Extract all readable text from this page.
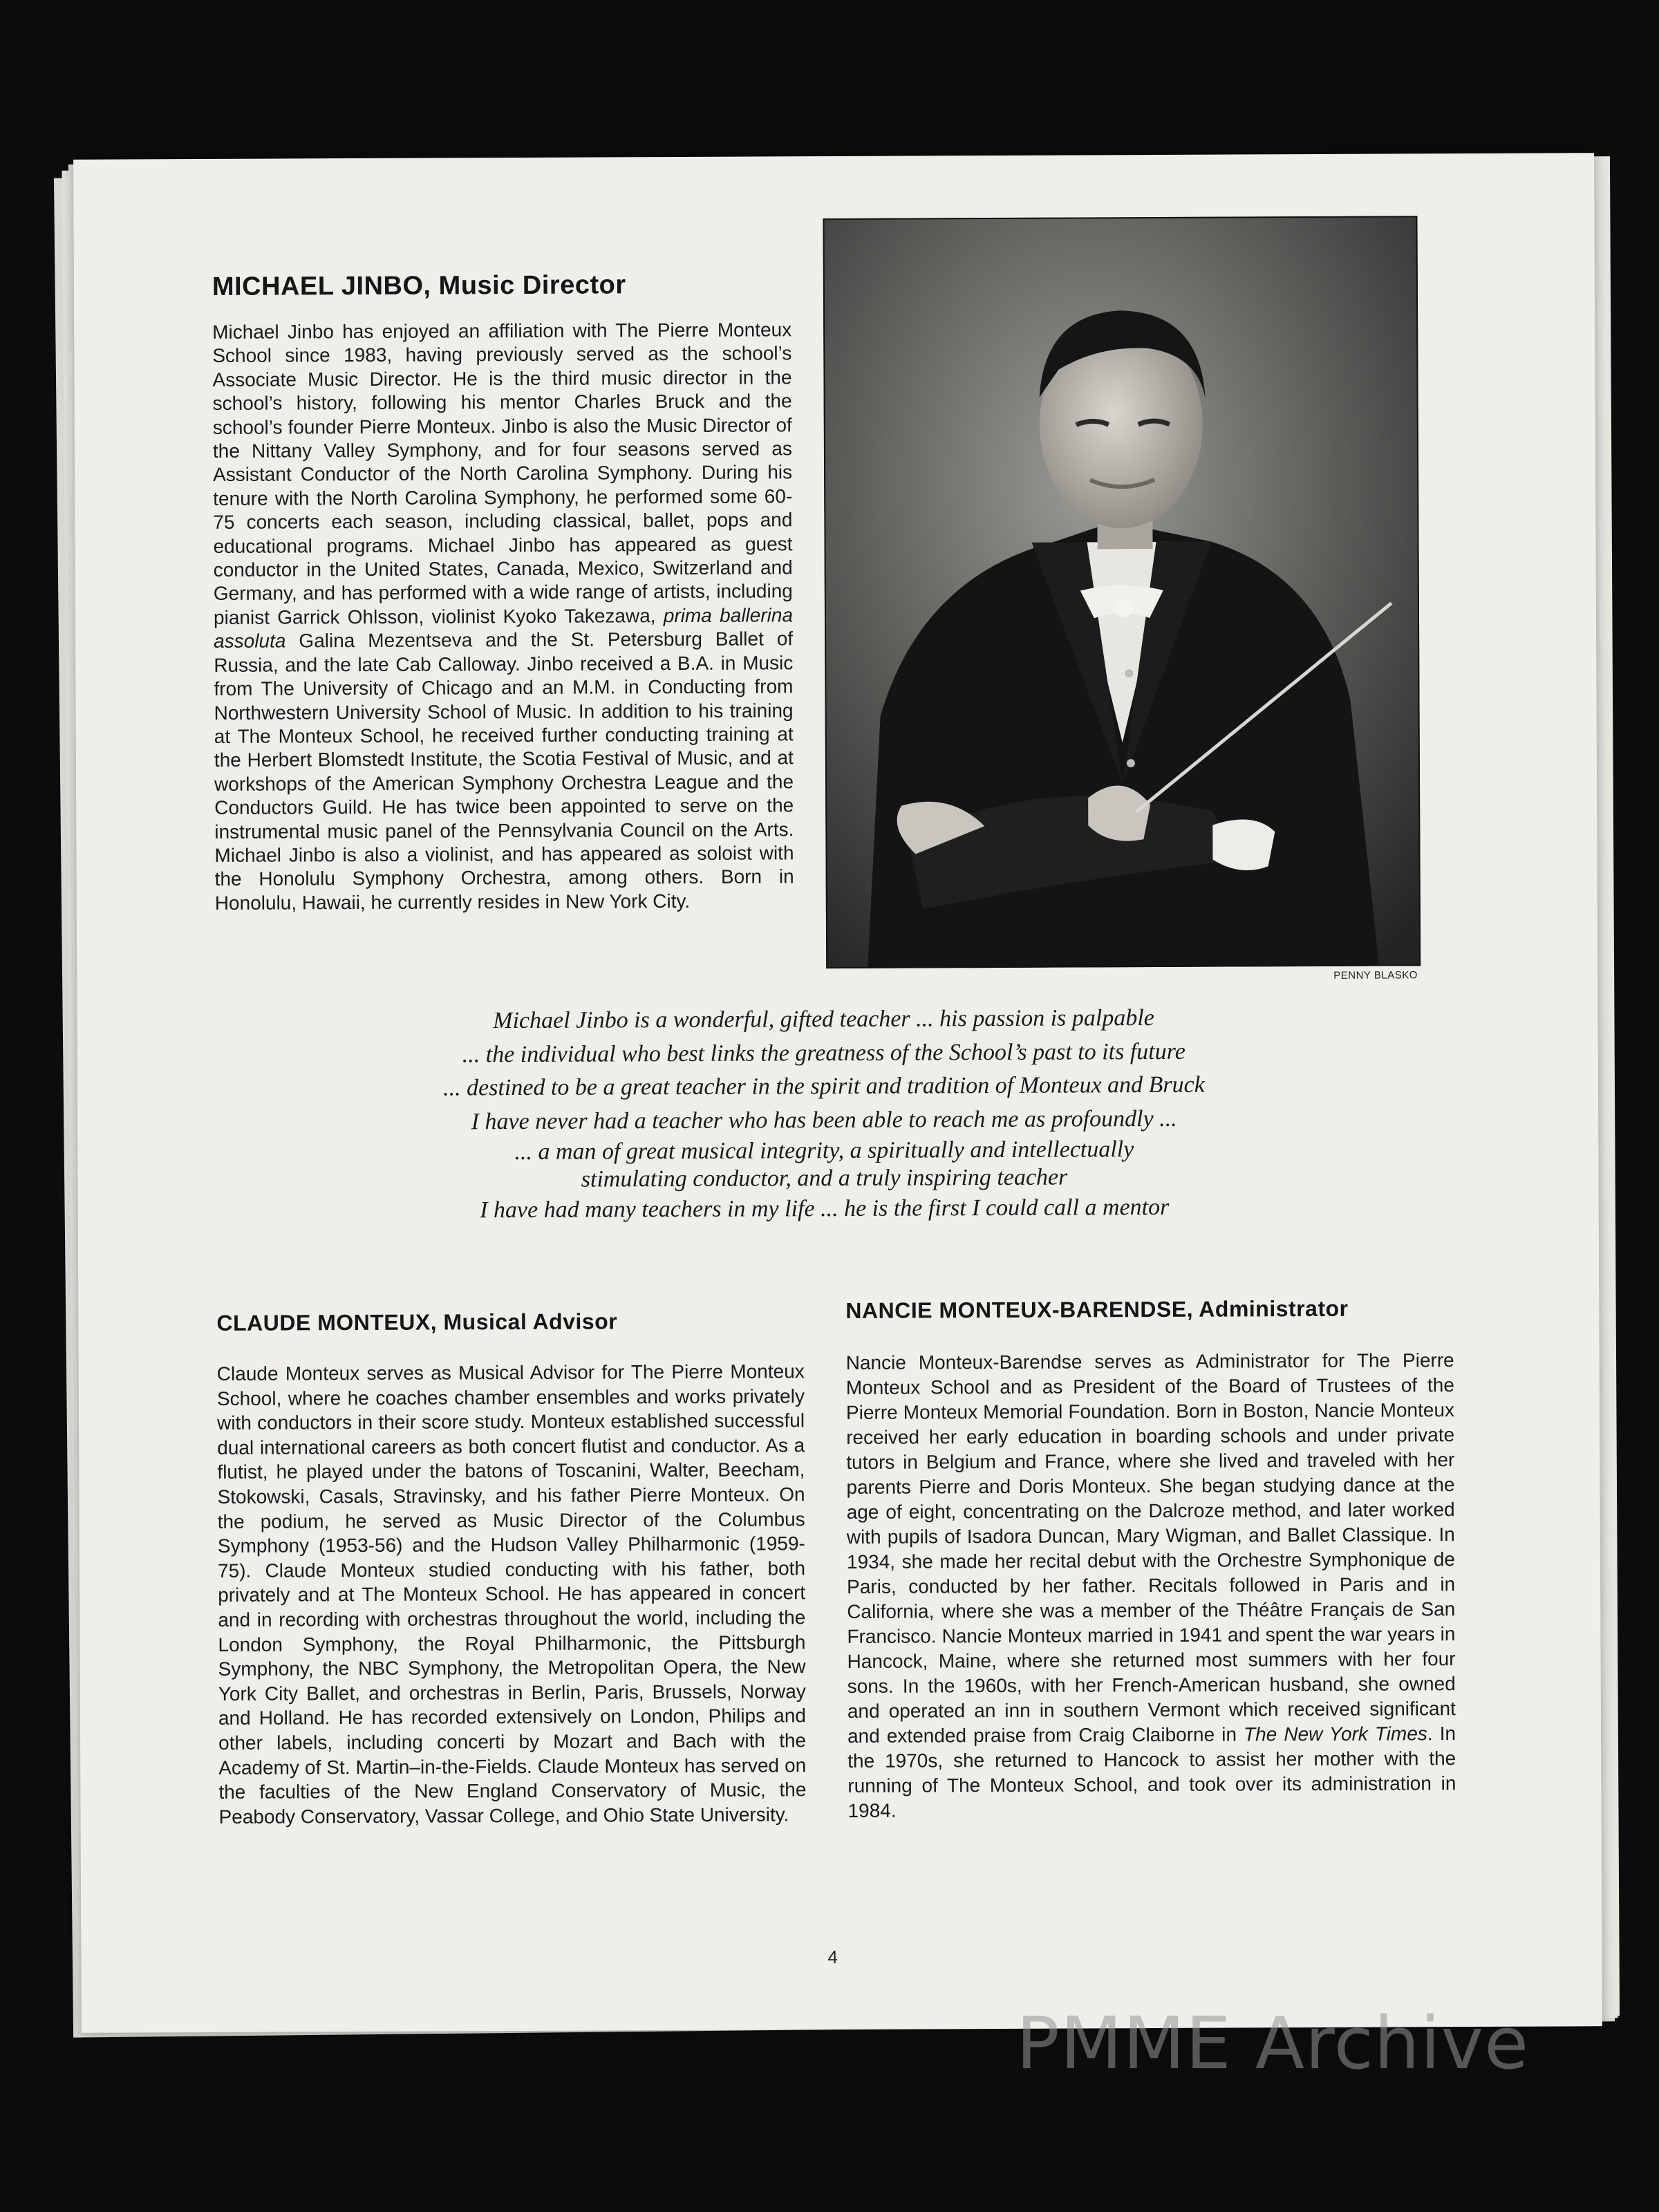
MICHAEL JINBO, Music Director

Michael Jinbo has enjoyed an affiliation with The Pierre Monteux School since 1983, having previously served as the school’s Associate Music Director. He is the third music director in the school’s history, following his mentor Charles Bruck and the school’s founder Pierre Monteux. Jinbo is also the Music Director of the Nittany Valley Symphony, and for four seasons served as Assistant Conductor of the North Carolina Symphony. During his tenure with the North Carolina Symphony, he performed some 60-75 concerts each season, including classical, ballet, pops and educational programs. Michael Jinbo has appeared as guest conductor in the United States, Canada, Mexico, Switzerland and Germany, and has performed with a wide range of artists, including pianist Garrick Ohlsson, violinist Kyoko Takezawa, prima ballerina assoluta Galina Mezentseva and the St. Petersburg Ballet of Russia, and the late Cab Calloway. Jinbo received a B.A. in Music from The University of Chicago and an M.M. in Conducting from Northwestern University School of Music. In addition to his training at The Monteux School, he received further conducting training at the Herbert Blomstedt Institute, the Scotia Festival of Music, and at workshops of the American Symphony Orchestra League and the Conductors Guild. He has twice been appointed to serve on the instrumental music panel of the Pennsylvania Council on the Arts. Michael Jinbo is also a violinist, and has appeared as soloist with the Honolulu Symphony Orchestra, among others. Born in Honolulu, Hawaii, he currently resides in New York City.

PENNY BLASKO
Michael Jinbo is a wonderful, gifted teacher ... his passion is palpable
... the individual who best links the greatness of the School’s past to its future
... destined to be a great teacher in the spirit and tradition of Monteux and Bruck
I have never had a teacher who has been able to reach me as profoundly ...
... a man of great musical integrity, a spiritually and intellectually
stimulating conductor, and a truly inspiring teacher
I have had many teachers in my life ... he is the first I could call a mentor
CLAUDE MONTEUX, Musical Advisor

Claude Monteux serves as Musical Advisor for The Pierre Monteux School, where he coaches chamber ensembles and works privately with conductors in their score study. Monteux established successful dual international careers as both concert flutist and conductor. As a flutist, he played under the batons of Toscanini, Walter, Beecham, Stokowski, Casals, Stravinsky, and his father Pierre Monteux. On the podium, he served as Music Director of the Columbus Symphony (1953-56) and the Hudson Valley Philharmonic (1959-75). Claude Monteux studied conducting with his father, both privately and at The Monteux School. He has appeared in concert and in recording with orchestras throughout the world, including the London Symphony, the Royal Philharmonic, the Pittsburgh Symphony, the NBC Symphony, the Metropolitan Opera, the New York City Ballet, and orchestras in Berlin, Paris, Brussels, Norway and Holland. He has recorded extensively on London, Philips and other labels, including concerti by Mozart and Bach with the Academy of St. Martin–in-the-Fields. Claude Monteux has served on the faculties of the New England Conservatory of Music, the Peabody Conservatory, Vassar College, and Ohio State University.

NANCIE MONTEUX-BARENDSE, Administrator

Nancie Monteux-Barendse serves as Administrator for The Pierre Monteux School and as President of the Board of Trustees of the Pierre Monteux Memorial Foundation. Born in Boston, Nancie Monteux received her early education in boarding schools and under private tutors in Belgium and France, where she lived and traveled with her parents Pierre and Doris Monteux. She began studying dance at the age of eight, concentrating on the Dalcroze method, and later worked with pupils of Isadora Duncan, Mary Wigman, and Ballet Classique. In 1934, she made her recital debut with the Orchestre Symphonique de Paris, conducted by her father. Recitals followed in Paris and in California, where she was a member of the Théâtre Français de San Francisco. Nancie Monteux married in 1941 and spent the war years in Hancock, Maine, where she returned most summers with her four sons. In the 1960s, with her French-American husband, she owned and operated an inn in southern Vermont which received significant and extended praise from Craig Claiborne in The New York Times. In the 1970s, she returned to Hancock to assist her mother with the running of The Monteux School, and took over its administration in 1984.

4
PMME Archive
